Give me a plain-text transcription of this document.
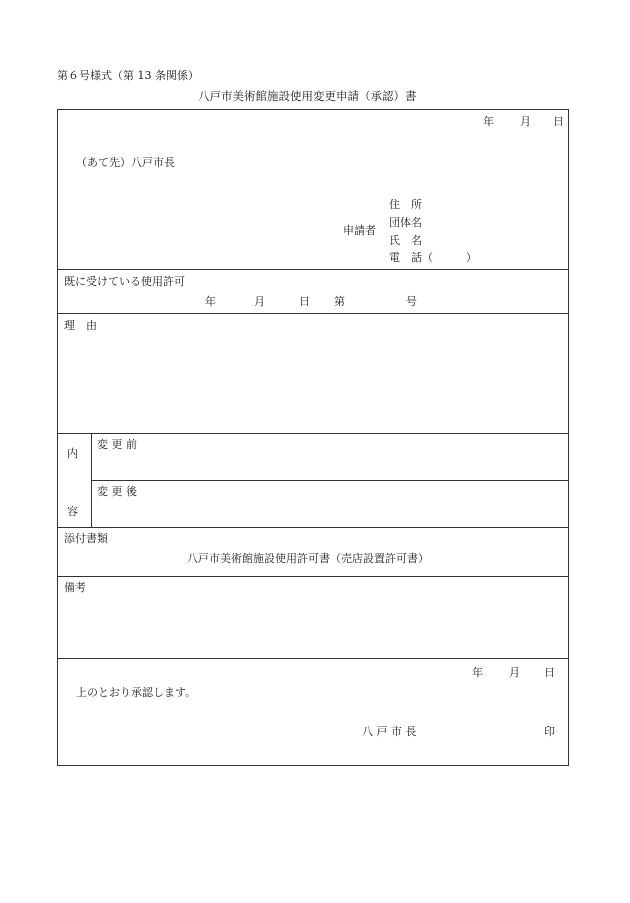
第６号様式（第 13 条関係）
八戸市美術館施設使用変更申請（承認）書
年 月 日
（あて先）八戸市長
申請者
住　所
団体名
氏　名
電　話（　　　）
既に受けている使用許可
年	月	日 第	号
理　由
内
容
変 更 前
変 更 後
添付書類
八戸市美術館施設使用許可書（売店設置許可書）
備考
年 月 日
上のとおり承認します。
八 戸 市 長	印
